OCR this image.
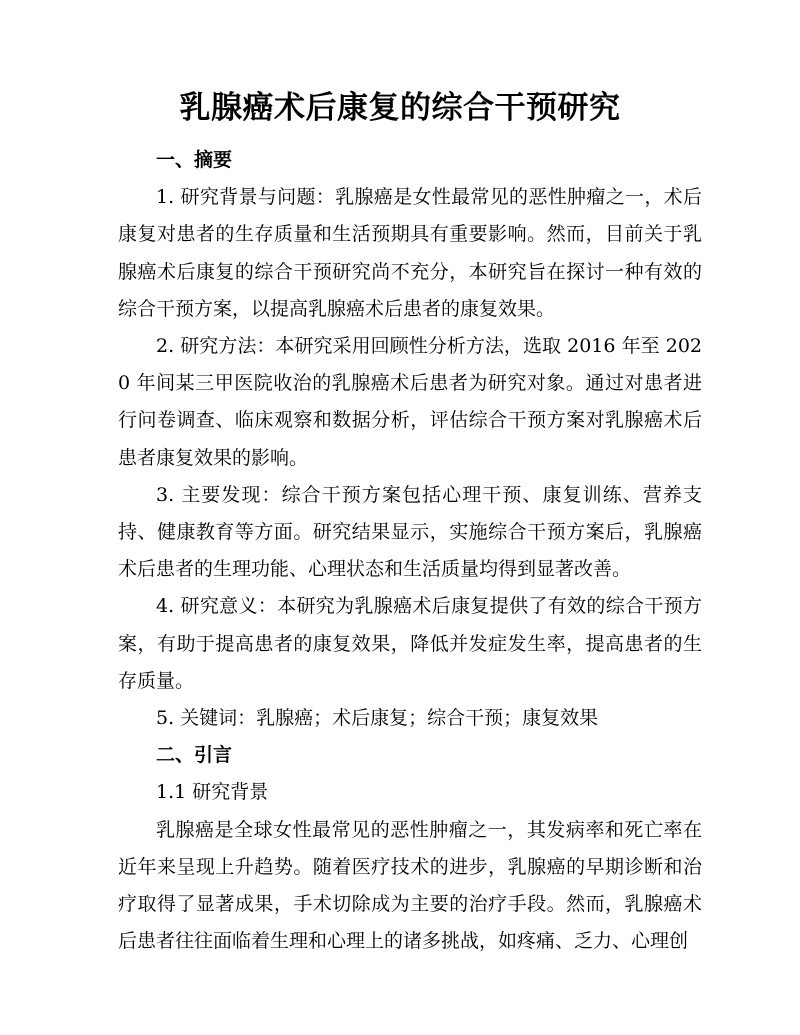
乳腺癌术后康复的综合干预研究

一、摘要

1. 研究背景与问题：乳腺癌是女性最常见的恶性肿瘤之一，术后康复对患者的生存质量和生活预期具有重要影响。然而，目前关于乳腺癌术后康复的综合干预研究尚不充分，本研究旨在探讨一种有效的综合干预方案，以提高乳腺癌术后患者的康复效果。

2. 研究方法：本研究采用回顾性分析方法，选取 2016 年至 2020 年间某三甲医院收治的乳腺癌术后患者为研究对象。通过对患者进行问卷调查、临床观察和数据分析，评估综合干预方案对乳腺癌术后患者康复效果的影响。

3. 主要发现：综合干预方案包括心理干预、康复训练、营养支持、健康教育等方面。研究结果显示，实施综合干预方案后，乳腺癌术后患者的生理功能、心理状态和生活质量均得到显著改善。

4. 研究意义：本研究为乳腺癌术后康复提供了有效的综合干预方案，有助于提高患者的康复效果，降低并发症发生率，提高患者的生存质量。

5. 关键词：乳腺癌；术后康复；综合干预；康复效果

二、引言

1.1 研究背景

乳腺癌是全球女性最常见的恶性肿瘤之一，其发病率和死亡率在近年来呈现上升趋势。随着医疗技术的进步，乳腺癌的早期诊断和治疗取得了显著成果，手术切除成为主要的治疗手段。然而，乳腺癌术后患者往往面临着生理和心理上的诸多挑战，如疼痛、乏力、心理创
